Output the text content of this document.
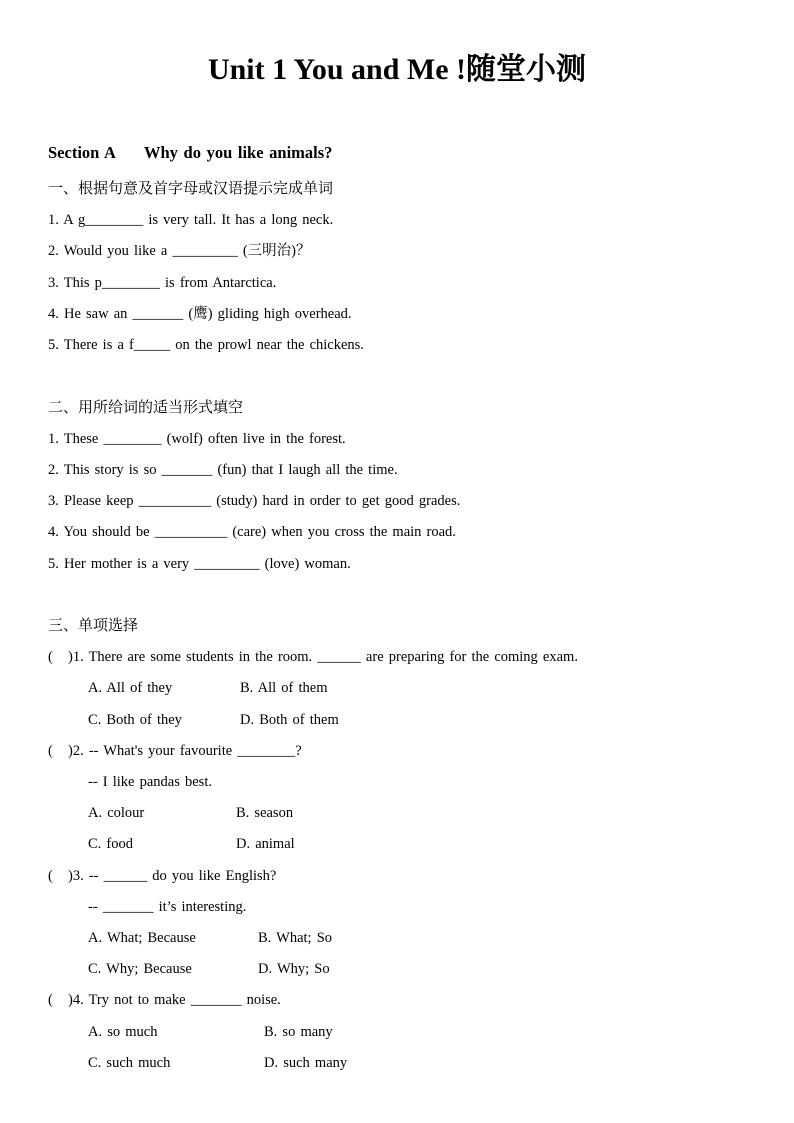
Unit 1 You and Me !随堂小测
Section A Why do you like animals?
一、根据句意及首字母或汉语提示完成单词
1. A g________ is very tall. It has a long neck.
2. Would you like a _________ (三明治)？
3. This p________ is from Antarctica.
4. He saw an _______ (鹰) gliding high overhead.
5. There is a f_____ on the prowl near the chickens.
二、用所给词的适当形式填空
1. These ________ (wolf) often live in the forest.
2. This story is so _______ (fun) that I laugh all the time.
3. Please keep __________ (study) hard in order to get good grades.
4. You should be __________ (care) when you cross the main road.
5. Her mother is a very _________ (love) woman.
三、单项选择
( )1. There are some students in the room. ______ are preparing for the coming exam.
A. All of they	B. All of them
C. Both of they	D. Both of them
( )2. -- What's your favourite ________?
-- I like pandas best.
A. colour	B. season
C. food	D. animal
( )3. -- ______ do you like English?
-- _______ it’s interesting.
A. What; Because	B. What; So
C. Why; Because	D. Why; So
( )4. Try not to make _______ noise.
A. so much	B. so many
C. such much	D. such many
